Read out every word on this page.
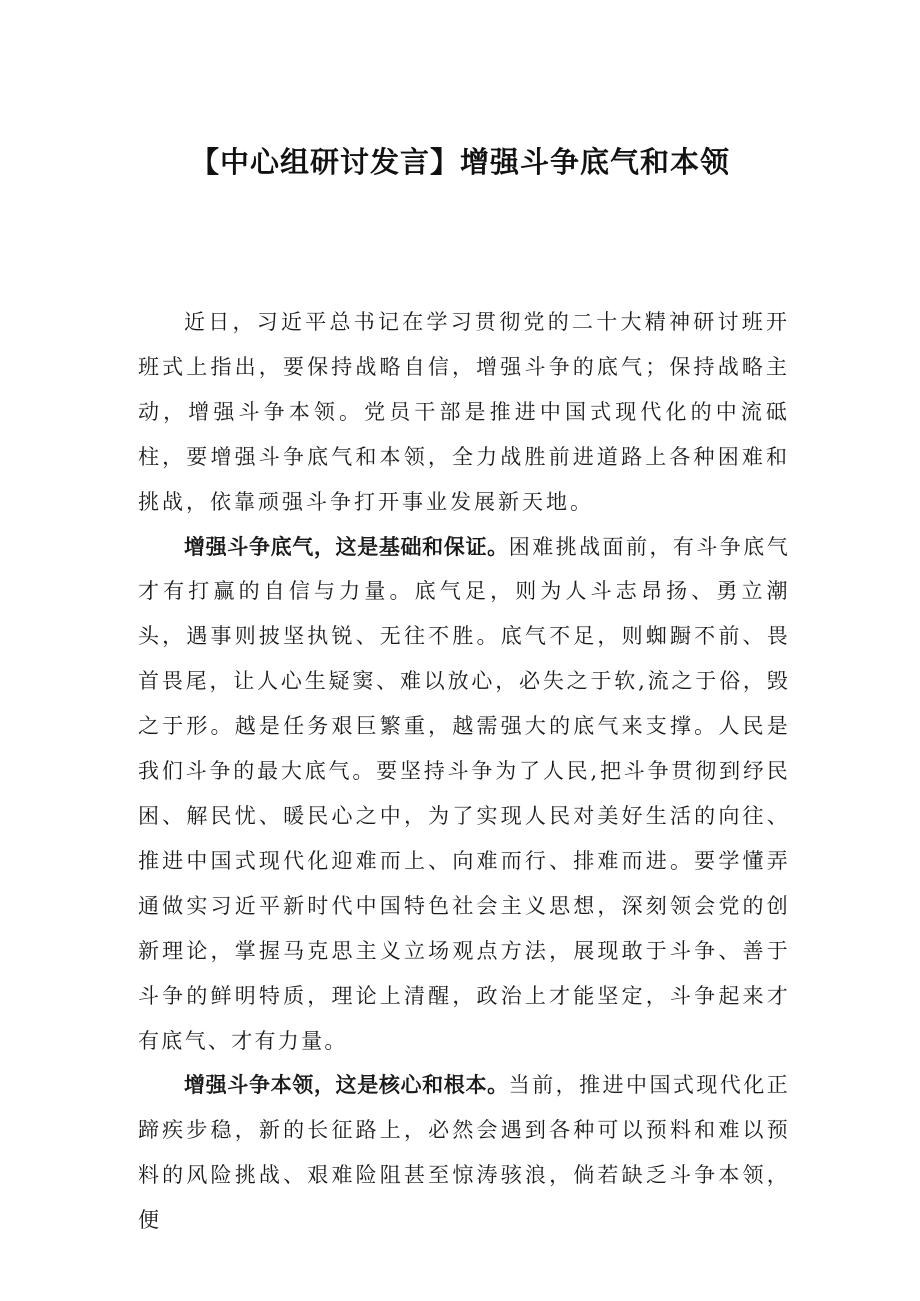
【中心组研讨发言】增强斗争底气和本领

近日，习近平总书记在学习贯彻党的二十大精神研讨班开班式上指出，要保持战略自信，增强斗争的底气；保持战略主动，增强斗争本领。党员干部是推进中国式现代化的中流砥柱，要增强斗争底气和本领，全力战胜前进道路上各种困难和挑战，依靠顽强斗争打开事业发展新天地。

增强斗争底气，这是基础和保证。困难挑战面前，有斗争底气才有打赢的自信与力量。底气足，则为人斗志昂扬、勇立潮头，遇事则披坚执锐、无往不胜。底气不足，则蜘蹰不前、畏首畏尾，让人心生疑窦、难以放心，必失之于软,流之于俗，毁之于形。越是任务艰巨繁重，越需强大的底气来支撑。人民是我们斗争的最大底气。要坚持斗争为了人民,把斗争贯彻到纾民困、解民忧、暖民心之中，为了实现人民对美好生活的向往、推进中国式现代化迎难而上、向难而行、排难而进。要学懂弄通做实习近平新时代中国特色社会主义思想，深刻领会党的创新理论，掌握马克思主义立场观点方法，展现敢于斗争、善于斗争的鲜明特质，理论上清醒，政治上才能坚定，斗争起来才有底气、才有力量。

增强斗争本领，这是核心和根本。当前，推进中国式现代化正蹄疾步稳，新的长征路上，必然会遇到各种可以预料和难以预料的风险挑战、艰难险阻甚至惊涛骇浪，倘若缺乏斗争本领，便
